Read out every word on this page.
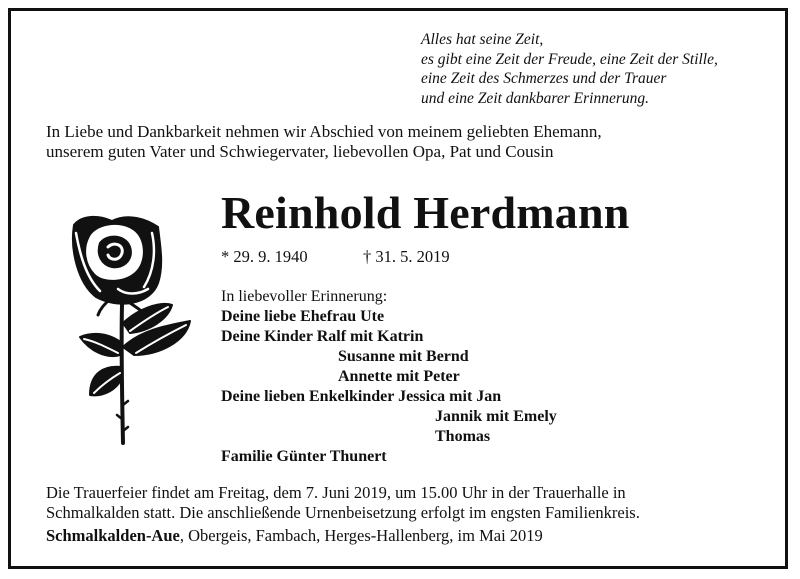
Alles hat seine Zeit,
es gibt eine Zeit der Freude, eine Zeit der Stille,
eine Zeit des Schmerzes und der Trauer
und eine Zeit dankbarer Erinnerung.
In Liebe und Dankbarkeit nehmen wir Abschied von meinem geliebten Ehemann,
unserem guten Vater und Schwiegervater, liebevollen Opa, Pat und Cousin
Reinhold Herdmann
* 29. 9. 1940	† 31. 5. 2019
In liebevoller Erinnerung:
Deine liebe Ehefrau Ute
Deine Kinder Ralf mit Katrin
Susanne mit Bernd
Annette mit Peter
Deine lieben Enkelkinder Jessica mit Jan
Jannik mit Emely
Thomas
Familie Günter Thunert
Die Trauerfeier findet am Freitag, dem 7. Juni 2019, um 15.00 Uhr in der Trauerhalle in
Schmalkalden statt. Die anschließende Urnenbeisetzung erfolgt im engsten Familienkreis.
Schmalkalden-Aue, Obergeis, Fambach, Herges-Hallenberg, im Mai 2019
